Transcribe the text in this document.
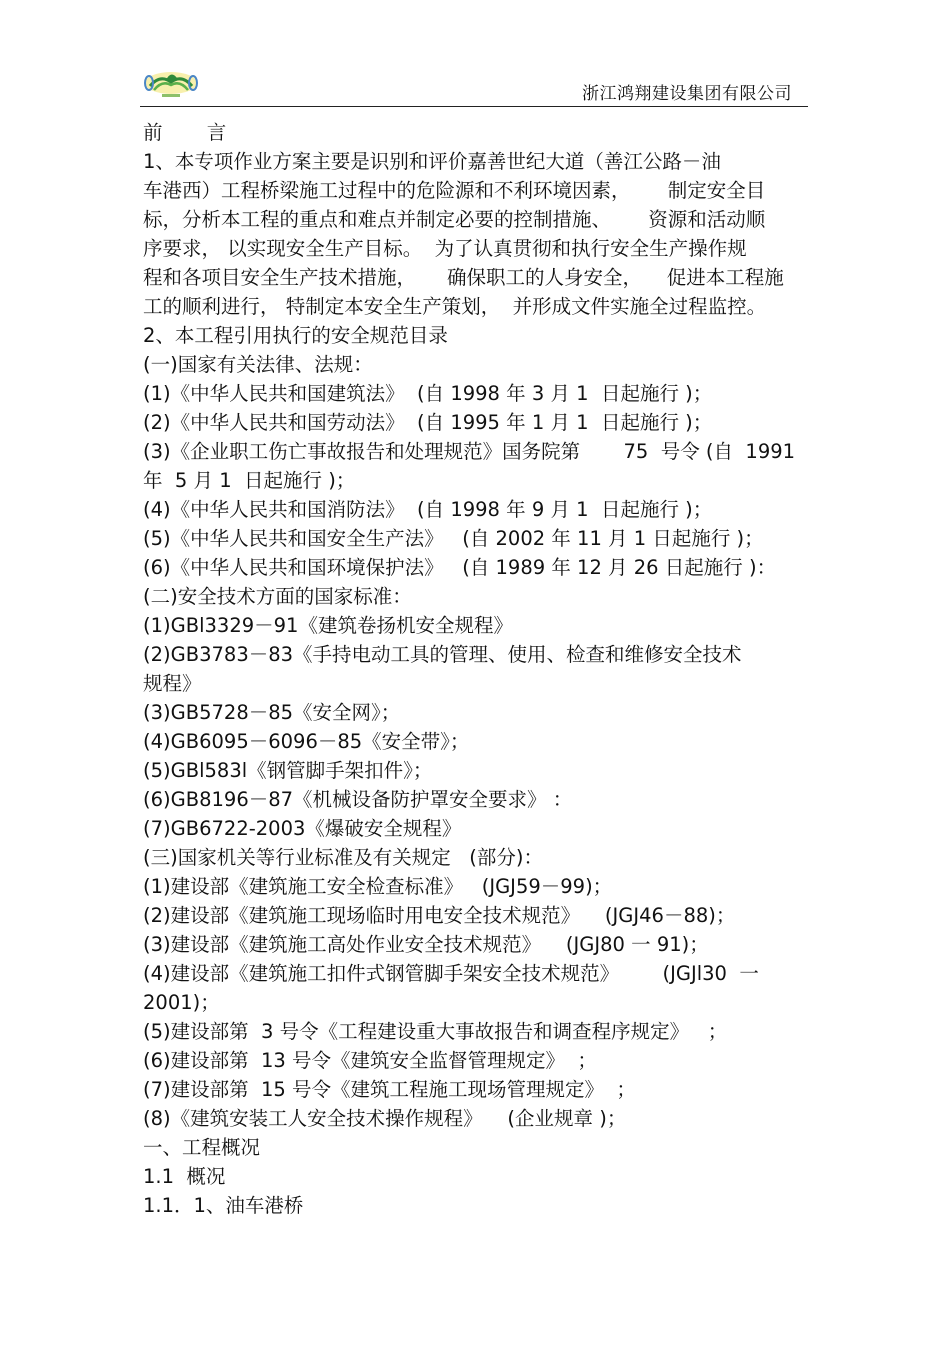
浙江鸿翔建设集团有限公司
前      言
1、本专项作业方案主要是识别和评价嘉善世纪大道（善江公路－油
车港西）工程桥梁施工过程中的危险源和不利环境因素，      制定安全目
标，分析本工程的重点和难点并制定必要的控制措施、      资源和活动顺
序要求， 以实现安全生产目标。  为了认真贯彻和执行安全生产操作规
程和各项目安全生产技术措施，     确保职工的人身安全，    促进本工程施
工的顺利进行， 特制定本安全生产策划，  并形成文件实施全过程监控。
2、本工程引用执行的安全规范目录
(一)国家有关法律、法规：
(1)《中华人民共和国建筑法》  (自 1998 年 3 月 1  日起施行 )；
(2)《中华人民共和国劳动法》  (自 1995 年 1 月 1  日起施行 )；
(3)《企业职工伤亡事故报告和处理规范》国务院第       75  号令 (自  1991
年  5 月 1  日起施行 )；
(4)《中华人民共和国消防法》  (自 1998 年 9 月 1  日起施行 )；
(5)《中华人民共和国安全生产法》   (自 2002 年 11 月 1 日起施行 )；
(6)《中华人民共和国环境保护法》   (自 1989 年 12 月 26 日起施行 )：
(二)安全技术方面的国家标准：
(1)GBl3329－91《建筑卷扬机安全规程》
(2)GB3783－83《手持电动工具的管理、使用、检查和维修安全技术
规程》
(3)GB5728－85《安全网》；
(4)GB6095－6096－85《安全带》；
(5)GBl583l《钢管脚手架扣件》；
(6)GB8196－87《机械设备防护罩安全要求》 ：
(7)GB6722-2003《爆破安全规程》
(三)国家机关等行业标准及有关规定   (部分)：
(1)建设部《建筑施工安全检查标准》   (JGJ59－99)；
(2)建设部《建筑施工现场临时用电安全技术规范》    (JGJ46－88)；
(3)建设部《建筑施工高处作业安全技术规范》    (JGJ80 一 91)；
(4)建设部《建筑施工扣件式钢管脚手架安全技术规范》       (JGJl30  一
2001)；
(5)建设部第  3 号令《工程建设重大事故报告和调查程序规定》   ；
(6)建设部第  13 号令《建筑安全监督管理规定》  ；
(7)建设部第  15 号令《建筑工程施工现场管理规定》  ；
(8)《建筑安装工人安全技术操作规程》    (企业规章 )；
一、工程概况
1.1  概况
1.1．1、油车港桥
